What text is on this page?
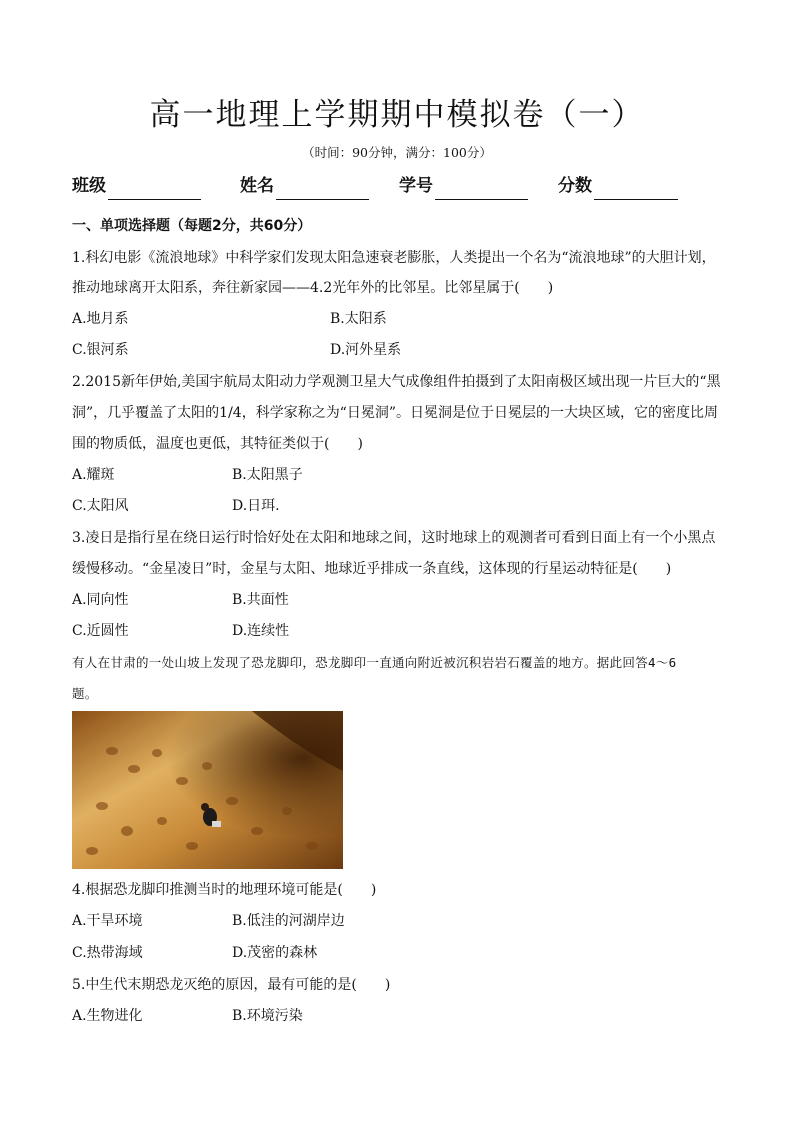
高一地理上学期期中模拟卷（一）
（时间：90分钟，满分：100分）
班级	姓名	学号	分数
一、单项选择题（每题2分，共60分）
1.科幻电影《流浪地球》中科学家们发现太阳急速衰老膨胀，人类提出一个名为“流浪地球”的大胆计划，
推动地球离开太阳系，奔往新家园——4.2光年外的比邻星。比邻星属于(　　)
A.地月系	B.太阳系
C.银河系	D.河外星系
2.2015新年伊始,美国宇航局太阳动力学观测卫星大气成像组件拍摄到了太阳南极区域出现一片巨大的“黑
洞”，几乎覆盖了太阳的1/4，科学家称之为“日冕洞”。日冕洞是位于日冕层的一大块区域，它的密度比周
围的物质低，温度也更低，其特征类似于(　　)
A.耀斑	B.太阳黑子
C.太阳风	D.日珥.
3.凌日是指行星在绕日运行时恰好处在太阳和地球之间，这时地球上的观测者可看到日面上有一个小黑点
缓慢移动。“金星凌日”时，金星与太阳、地球近乎排成一条直线，这体现的行星运动特征是(　　)
A.同向性	B.共面性
C.近圆性	D.连续性
有人在甘肃的一处山坡上发现了恐龙脚印，恐龙脚印一直通向附近被沉积岩岩石覆盖的地方。据此回答4～6
题。
4.根据恐龙脚印推测当时的地理环境可能是(　　)
A.干旱环境	B.低洼的河湖岸边
C.热带海域	D.茂密的森林
5.中生代末期恐龙灭绝的原因，最有可能的是(　　)
A.生物进化	B.环境污染
